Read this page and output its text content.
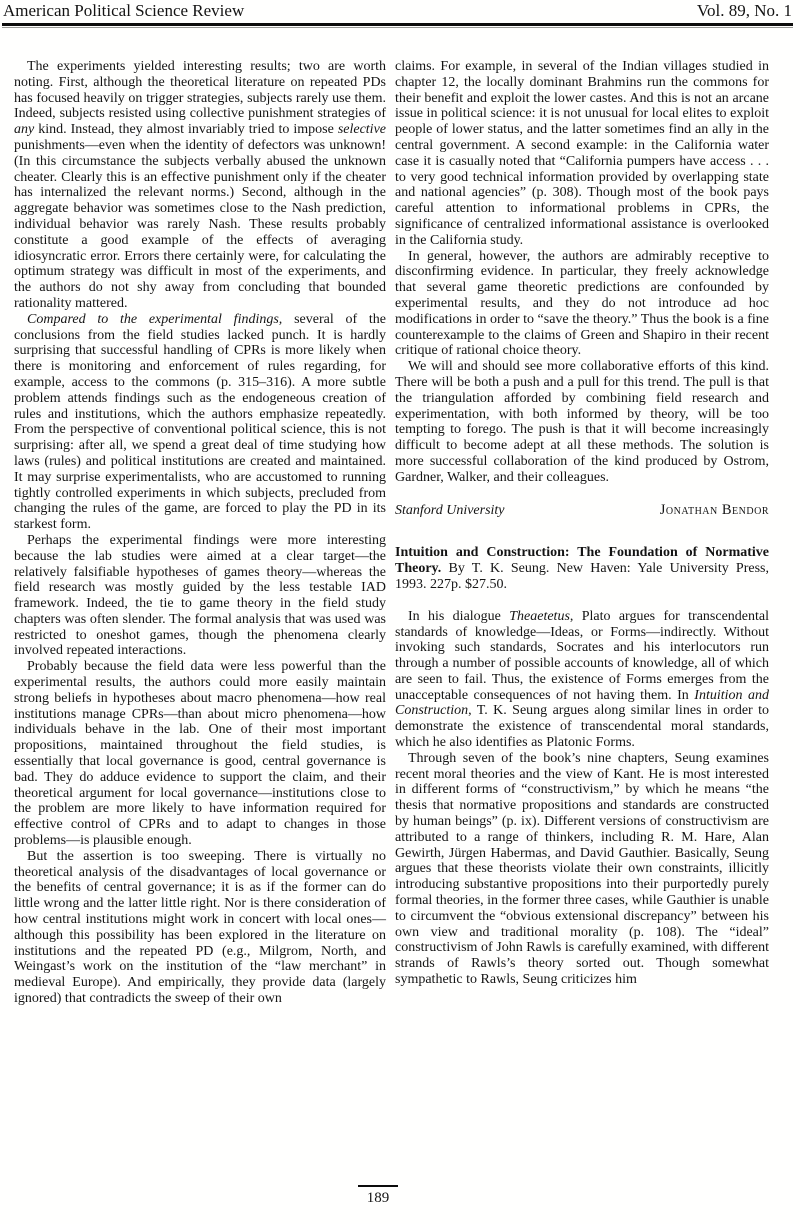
American Political Science Review	Vol. 89, No. 1

The experiments yielded interesting results; two are worth noting. First, although the theoretical literature on repeated PDs has focused heavily on trigger strategies, subjects rarely use them. Indeed, subjects resisted using collective punishment strategies of any kind. Instead, they almost invariably tried to impose selective punishments—even when the identity of defectors was unknown! (In this circumstance the subjects verbally abused the unknown cheater. Clearly this is an effective punishment only if the cheater has internalized the relevant norms.) Second, although in the aggregate behavior was sometimes close to the Nash prediction, individual behavior was rarely Nash. These results probably constitute a good example of the effects of averaging idiosyncratic error. Errors there certainly were, for calculating the optimum strategy was difficult in most of the experiments, and the authors do not shy away from concluding that bounded rationality mattered.

Compared to the experimental findings, several of the conclusions from the field studies lacked punch. It is hardly surprising that successful handling of CPRs is more likely when there is monitoring and enforcement of rules regarding, for example, access to the commons (p. 315–316). A more subtle problem attends findings such as the endogeneous creation of rules and institutions, which the authors emphasize repeatedly. From the perspective of conventional political science, this is not surprising: after all, we spend a great deal of time studying how laws (rules) and political institutions are created and maintained. It may surprise experimentalists, who are accustomed to running tightly controlled experiments in which subjects, precluded from changing the rules of the game, are forced to play the PD in its starkest form.

Perhaps the experimental findings were more interesting because the lab studies were aimed at a clear target—the relatively falsifiable hypotheses of games theory—whereas the field research was mostly guided by the less testable IAD framework. Indeed, the tie to game theory in the field study chapters was often slender. The formal analysis that was used was restricted to oneshot games, though the phenomena clearly involved repeated interactions.

Probably because the field data were less powerful than the experimental results, the authors could more easily maintain strong beliefs in hypotheses about macro phenomena—how real institutions manage CPRs—than about micro phenomena—how individuals behave in the lab. One of their most important propositions, maintained throughout the field studies, is essentially that local governance is good, central governance is bad. They do adduce evidence to support the claim, and their theoretical argument for local governance—institutions close to the problem are more likely to have information required for effective control of CPRs and to adapt to changes in those problems—is plausible enough.

But the assertion is too sweeping. There is virtually no theoretical analysis of the disadvantages of local governance or the benefits of central governance; it is as if the former can do little wrong and the latter little right. Nor is there consideration of how central institutions might work in concert with local ones—although this possibility has been explored in the literature on institutions and the repeated PD (e.g., Milgrom, North, and Weingast’s work on the institution of the “law merchant” in medieval Europe). And empirically, they provide data (largely ignored) that contradicts the sweep of their own

claims. For example, in several of the Indian villages studied in chapter 12, the locally dominant Brahmins run the commons for their benefit and exploit the lower castes. And this is not an arcane issue in political science: it is not unusual for local elites to exploit people of lower status, and the latter sometimes find an ally in the central government. A second example: in the California water case it is casually noted that “California pumpers have access . . . to very good technical information provided by overlapping state and national agencies” (p. 308). Though most of the book pays careful attention to informational problems in CPRs, the significance of centralized informational assistance is overlooked in the California study.

In general, however, the authors are admirably receptive to disconfirming evidence. In particular, they freely acknowledge that several game theoretic predictions are confounded by experimental results, and they do not introduce ad hoc modifications in order to “save the theory.” Thus the book is a fine counterexample to the claims of Green and Shapiro in their recent critique of rational choice theory.

We will and should see more collaborative efforts of this kind. There will be both a push and a pull for this trend. The pull is that the triangulation afforded by combining field research and experimentation, with both informed by theory, will be too tempting to forego. The push is that it will become increasingly difficult to become adept at all these methods. The solution is more successful collaboration of the kind produced by Ostrom, Gardner, Walker, and their colleagues.

Stanford University	Jonathan Bendor

Intuition and Construction: The Foundation of Normative Theory. By T. K. Seung. New Haven: Yale University Press, 1993. 227p. $27.50.

In his dialogue Theaetetus, Plato argues for transcendental standards of knowledge—Ideas, or Forms—indirectly. Without invoking such standards, Socrates and his interlocutors run through a number of possible accounts of knowledge, all of which are seen to fail. Thus, the existence of Forms emerges from the unacceptable consequences of not having them. In Intuition and Construction, T. K. Seung argues along similar lines in order to demonstrate the existence of transcendental moral standards, which he also identifies as Platonic Forms.

Through seven of the book’s nine chapters, Seung examines recent moral theories and the view of Kant. He is most interested in different forms of “constructivism,” by which he means “the thesis that normative propositions and standards are constructed by human beings” (p. ix). Different versions of constructivism are attributed to a range of thinkers, including R. M. Hare, Alan Gewirth, Jürgen Habermas, and David Gauthier. Basically, Seung argues that these theorists violate their own constraints, illicitly introducing substantive propositions into their purportedly purely formal theories, in the former three cases, while Gauthier is unable to circumvent the “obvious extensional discrepancy” between his own view and traditional morality (p. 108). The “ideal” constructivism of John Rawls is carefully examined, with different strands of Rawls’s theory sorted out. Though somewhat sympathetic to Rawls, Seung criticizes him

189
